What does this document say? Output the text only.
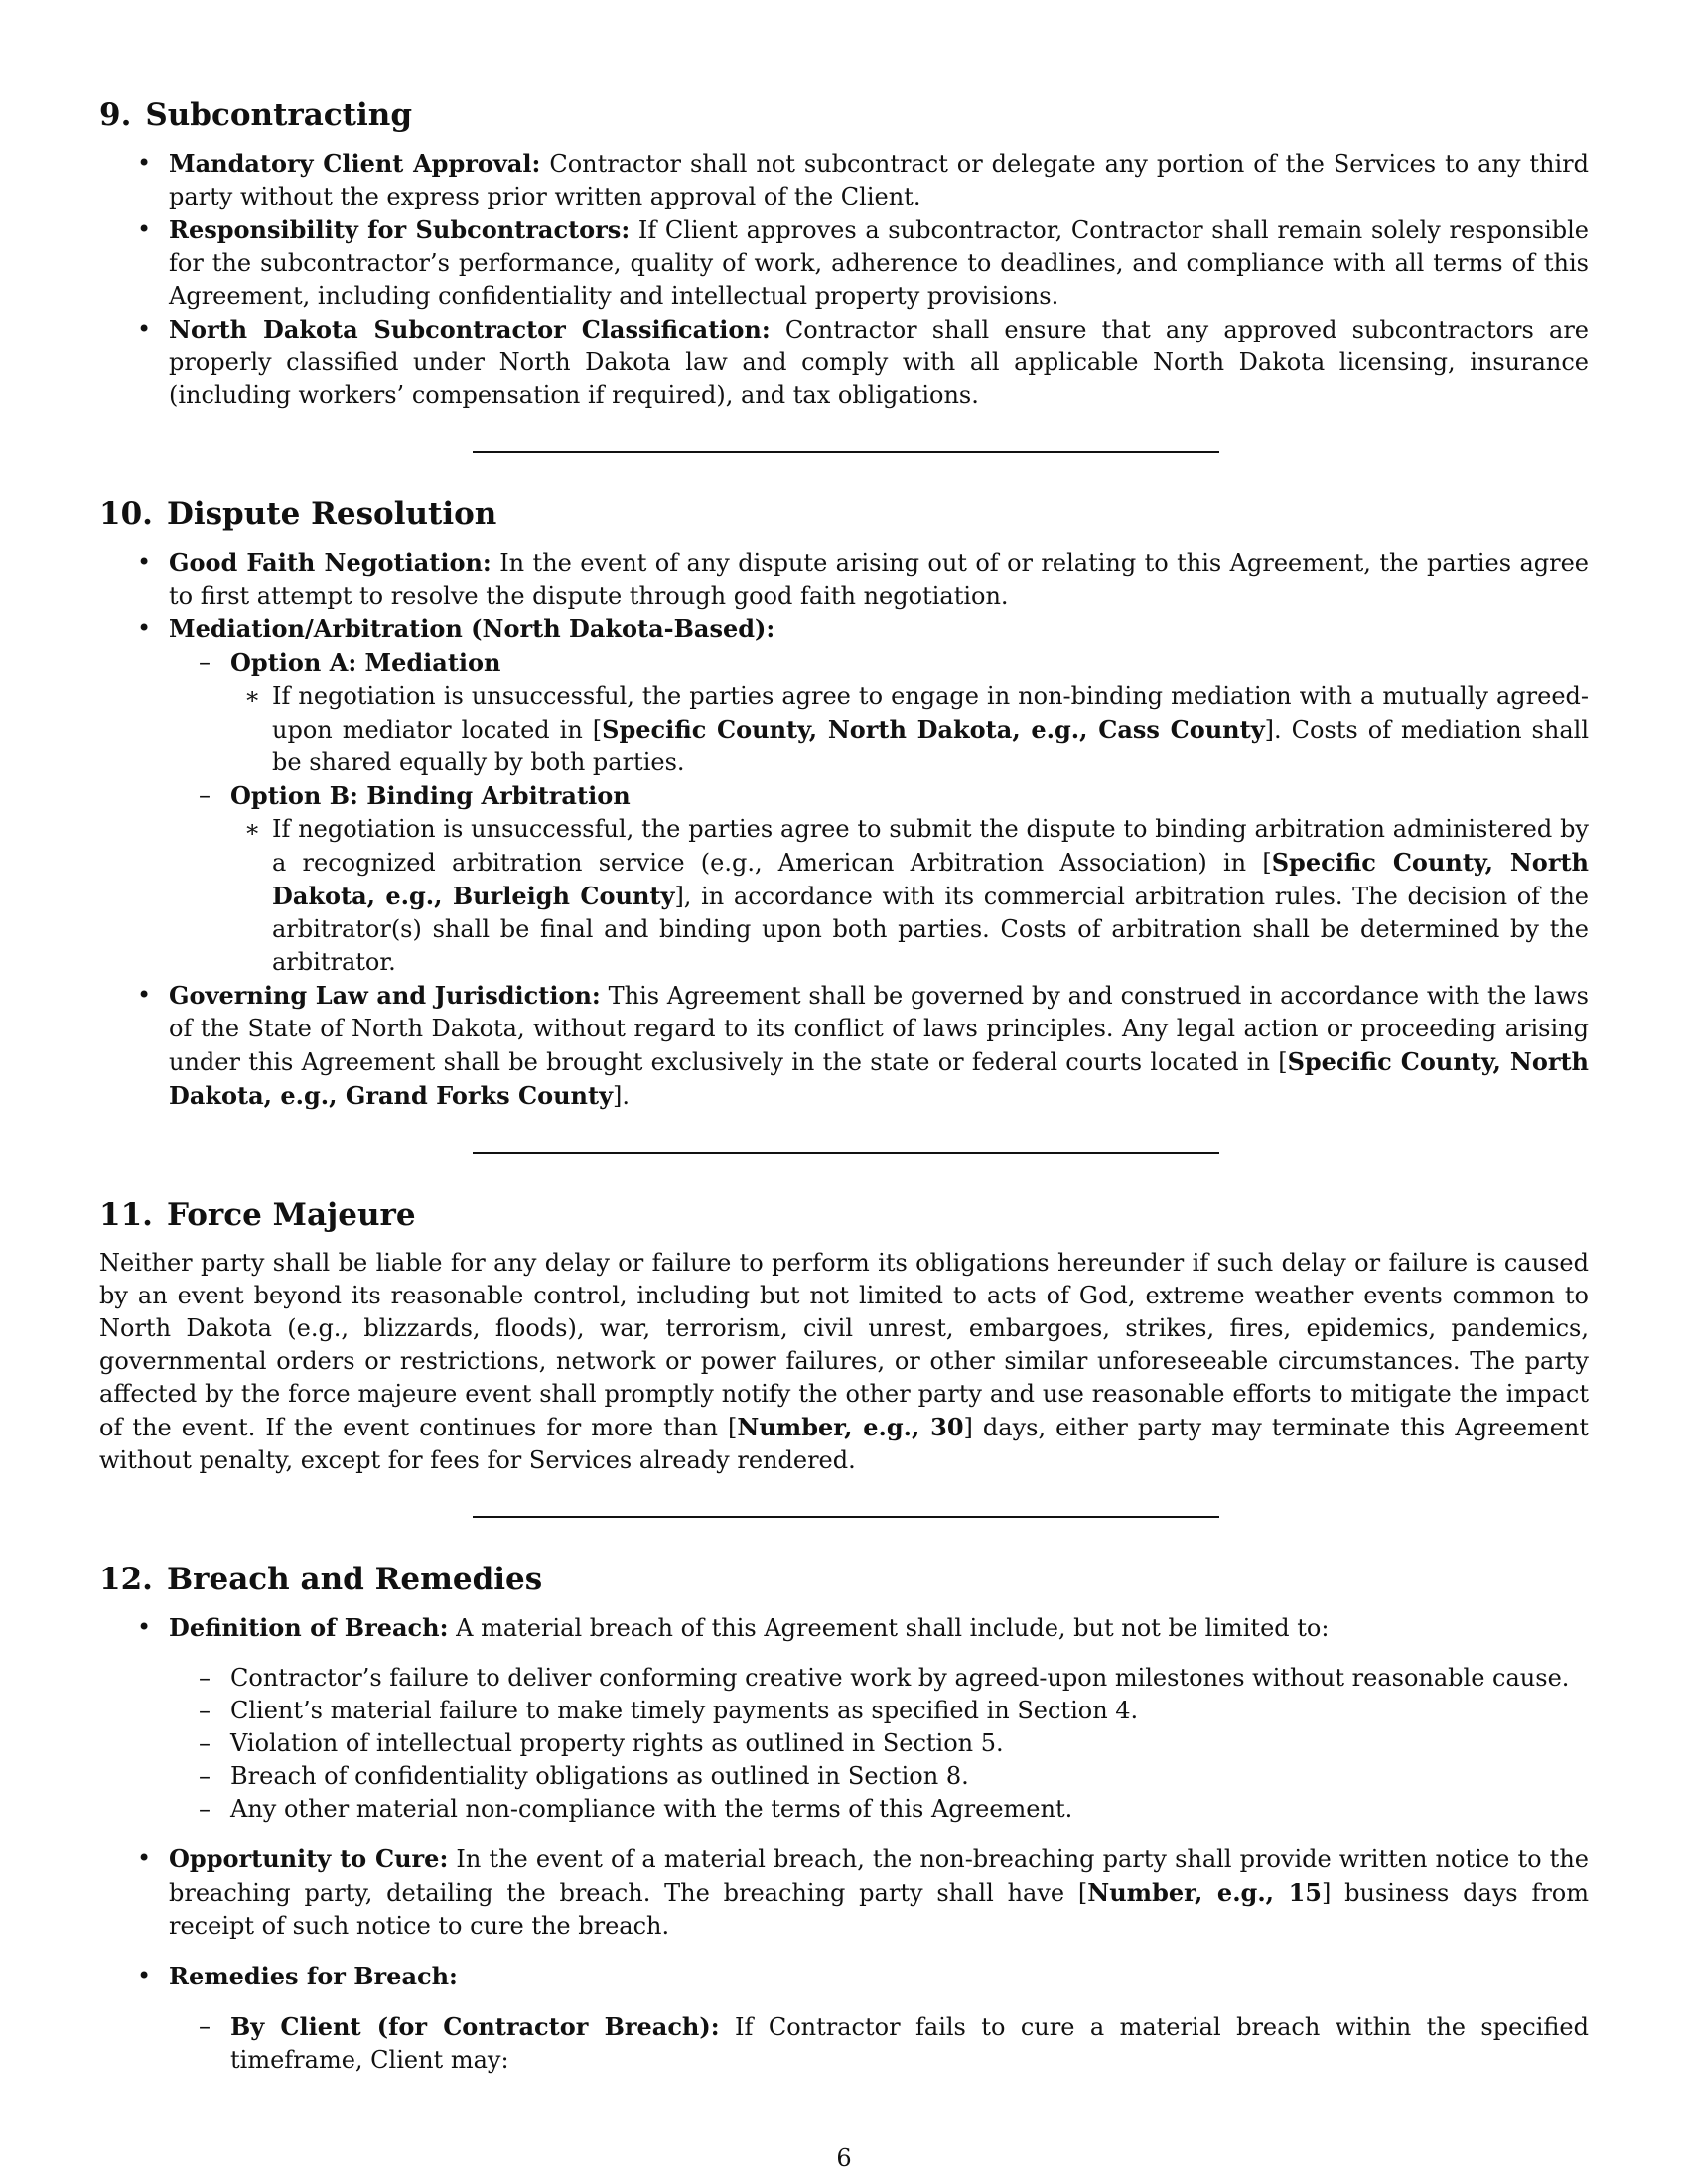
9. Subcontracting
• Mandatory Client Approval: Contractor shall not subcontract or delegate any portion of the Services to any third party without the express prior written approval of the Client.
• Responsibility for Subcontractors: If Client approves a subcontractor, Contractor shall remain solely responsible for the subcontractor’s performance, quality of work, adherence to deadlines, and compliance with all terms of this Agreement, including confidentiality and intellectual property provisions.
• North Dakota Subcontractor Classification: Contractor shall ensure that any approved subcontractors are properly classified under North Dakota law and comply with all applicable North Dakota licensing, insurance (including workers’ compensation if required), and tax obligations.
10. Dispute Resolution
• Good Faith Negotiation: In the event of any dispute arising out of or relating to this Agreement, the parties agree to first attempt to resolve the dispute through good faith negotiation.
• Mediation/Arbitration (North Dakota-Based):
– Option A: Mediation
∗ If negotiation is unsuccessful, the parties agree to engage in non-binding mediation with a mutually agreed-upon mediator located in [Specific County, North Dakota, e.g., Cass County]. Costs of mediation shall be shared equally by both parties.
– Option B: Binding Arbitration
∗ If negotiation is unsuccessful, the parties agree to submit the dispute to binding arbitration administered by a recognized arbitration service (e.g., American Arbitration Association) in [Specific County, North Dakota, e.g., Burleigh County], in accordance with its commercial arbitration rules. The decision of the arbitrator(s) shall be final and binding upon both parties. Costs of arbitration shall be determined by the arbitrator.
• Governing Law and Jurisdiction: This Agreement shall be governed by and construed in accordance with the laws of the State of North Dakota, without regard to its conflict of laws principles. Any legal action or proceeding arising under this Agreement shall be brought exclusively in the state or federal courts located in [Specific County, North Dakota, e.g., Grand Forks County].
11. Force Majeure
Neither party shall be liable for any delay or failure to perform its obligations hereunder if such delay or failure is caused by an event beyond its reasonable control, including but not limited to acts of God, extreme weather events common to North Dakota (e.g., blizzards, floods), war, terrorism, civil unrest, embargoes, strikes, fires, epidemics, pandemics, governmental orders or restrictions, network or power failures, or other similar unforeseeable circumstances. The party affected by the force majeure event shall promptly notify the other party and use reasonable efforts to mitigate the impact of the event. If the event continues for more than [Number, e.g., 30] days, either party may terminate this Agreement without penalty, except for fees for Services already rendered.
12. Breach and Remedies
• Definition of Breach: A material breach of this Agreement shall include, but not be limited to:
– Contractor’s failure to deliver conforming creative work by agreed-upon milestones without reasonable cause.
– Client’s material failure to make timely payments as specified in Section 4.
– Violation of intellectual property rights as outlined in Section 5.
– Breach of confidentiality obligations as outlined in Section 8.
– Any other material non-compliance with the terms of this Agreement.
• Opportunity to Cure: In the event of a material breach, the non-breaching party shall provide written notice to the breaching party, detailing the breach. The breaching party shall have [Number, e.g., 15] business days from receipt of such notice to cure the breach.
• Remedies for Breach:
– By Client (for Contractor Breach): If Contractor fails to cure a material breach within the specified timeframe, Client may:
6
